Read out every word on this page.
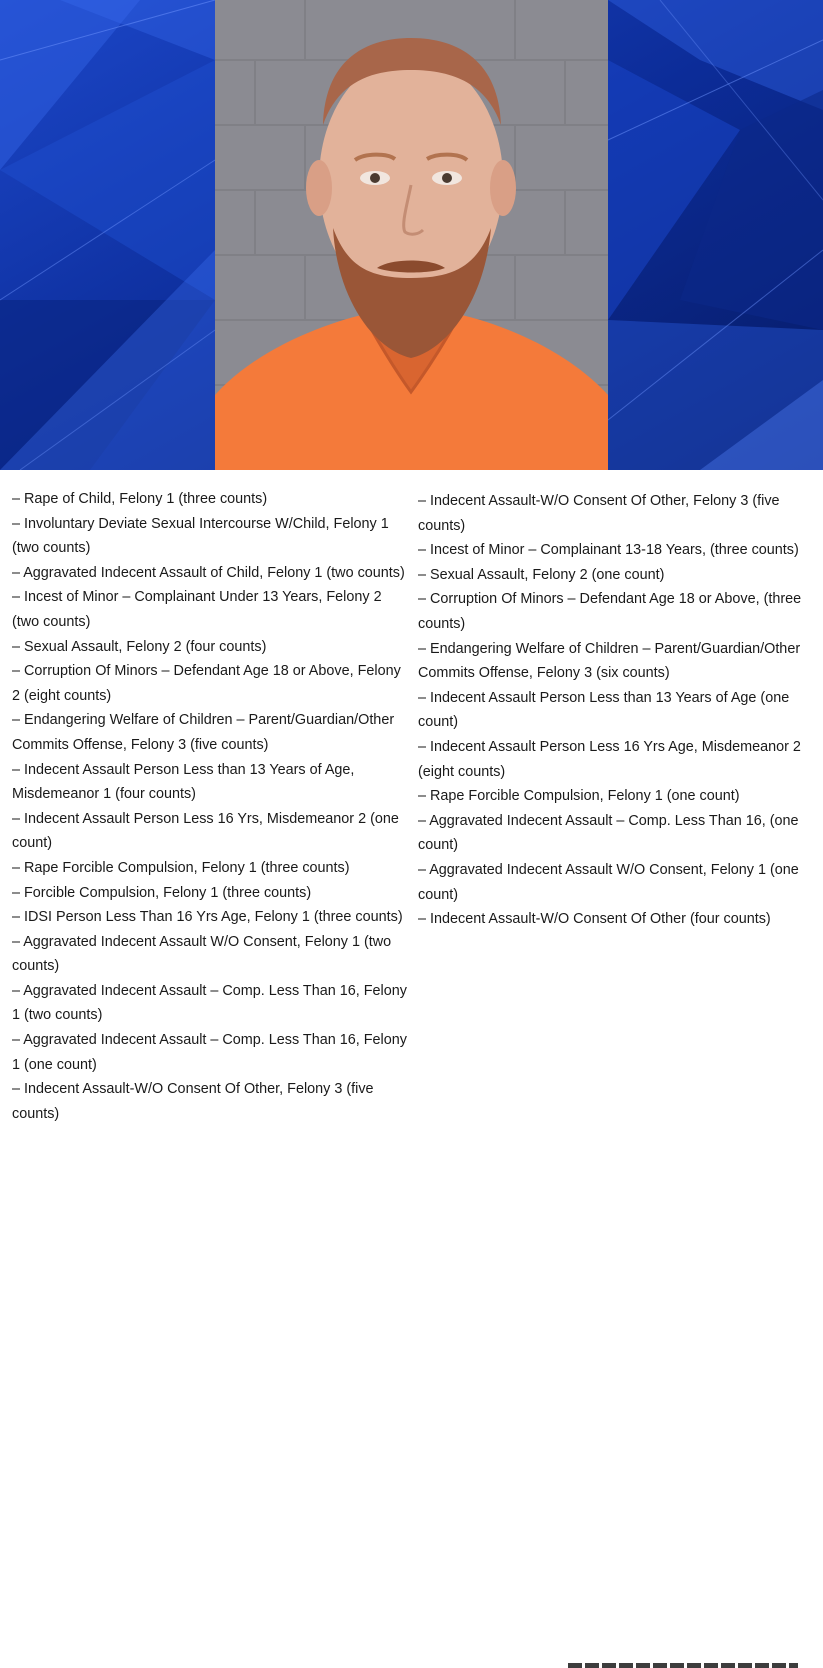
– Rape of Child, Felony 1 (three counts)
– Involuntary Deviate Sexual Intercourse W/Child, Felony 1 (two counts)
– Aggravated Indecent Assault of Child, Felony 1 (two counts)
– Incest of Minor – Complainant Under 13 Years, Felony 2 (two counts)
– Sexual Assault, Felony 2 (four counts)
– Corruption Of Minors – Defendant Age 18 or Above, Felony 2 (eight counts)
– Endangering Welfare of Children – Parent/Guardian/Other Commits Offense, Felony 3 (five counts)
– Indecent Assault Person Less than 13 Years of Age, Misdemeanor 1 (four counts)
– Indecent Assault Person Less 16 Yrs, Misdemeanor 2 (one count)
– Rape Forcible Compulsion, Felony 1 (three counts)
– Forcible Compulsion, Felony 1 (three counts)
– IDSI Person Less Than 16 Yrs Age, Felony 1 (three counts)
– Aggravated Indecent Assault W/O Consent, Felony 1 (two counts)
– Aggravated Indecent Assault – Comp. Less Than 16, Felony 1 (two counts)
– Aggravated Indecent Assault – Comp. Less Than 16, Felony 1 (one count)
– Indecent Assault-W/O Consent Of Other, Felony 3 (five counts)
– Indecent Assault-W/O Consent Of Other, Felony 3 (five counts)
– Incest of Minor – Complainant 13-18 Years, (three counts)
– Sexual Assault, Felony 2 (one count)
– Corruption Of Minors – Defendant Age 18 or Above, (three counts)
– Endangering Welfare of Children – Parent/Guardian/Other Commits Offense, Felony 3 (six counts)
– Indecent Assault Person Less than 13 Years of Age (one count)
– Indecent Assault Person Less 16 Yrs Age, Misdemeanor 2 (eight counts)
– Rape Forcible Compulsion, Felony 1 (one count)
– Aggravated Indecent Assault – Comp. Less Than 16, (one count)
– Aggravated Indecent Assault W/O Consent, Felony 1 (one count)
– Indecent Assault-W/O Consent Of Other (four counts)
